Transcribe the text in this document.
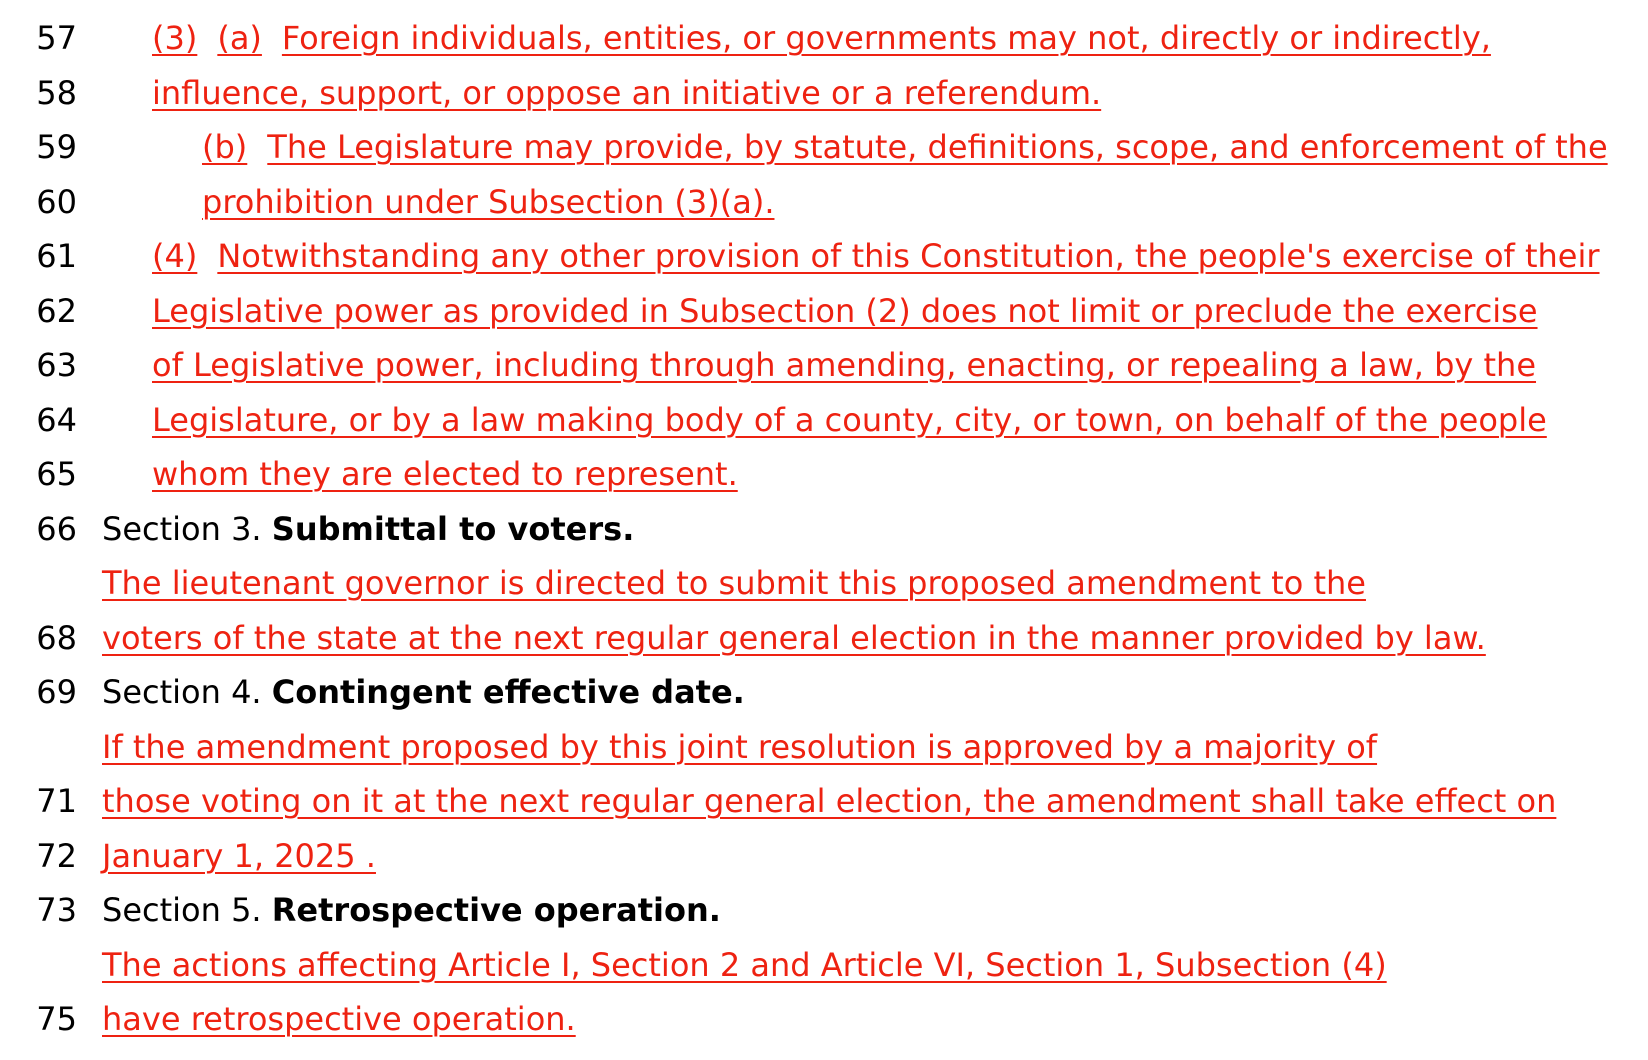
57 (3) (a) Foreign individuals, entities, or governments may not, directly or indirectly,
58 influence, support, or oppose an initiative or a referendum.
59	(b) The Legislature may provide, by statute, definitions, scope, and enforcement of the
60	prohibition under Subsection (3)(a).
61 (4) Notwithstanding any other provision of this Constitution, the people's exercise of their
62 Legislative power as provided in Subsection (2) does not limit or preclude the exercise
63 of Legislative power, including through amending, enacting, or repealing a law, by the
64 Legislature, or by a law making body of a county, city, or town, on behalf of the people
65 whom they are elected to represent.
66 Section 3. Submittal to voters.
The lieutenant governor is directed to submit this proposed amendment to the
68 voters of the state at the next regular general election in the manner provided by law.
69 Section 4. Contingent effective date.
If the amendment proposed by this joint resolution is approved by a majority of
71 those voting on it at the next regular general election, the amendment shall take effect on
72 January 1, 2025 .
73 Section 5. Retrospective operation.
The actions affecting Article I, Section 2 and Article VI, Section 1, Subsection (4)
75 have retrospective operation.
